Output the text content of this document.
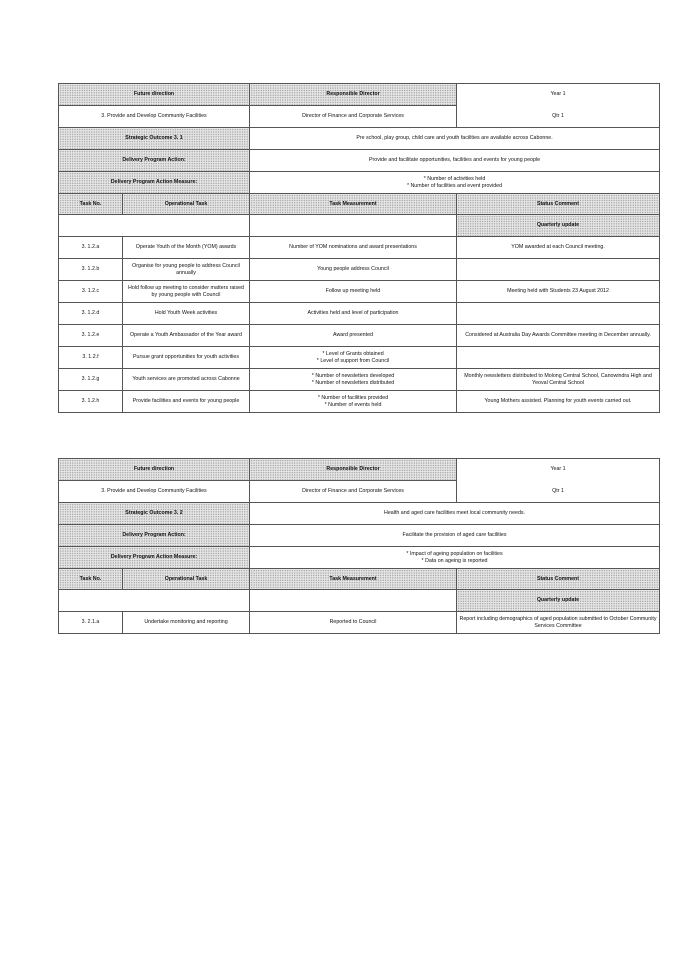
Future direction		Responsible Director	Year 1
3. Provide and Develop Community Facilities		Director of Finance and Corporate Services	Qtr 1
Strategic Outcome 3. 1		Pre school, play group, child care and youth facilities are available across Cabonne.	
Delivery Program Action:		Provide and facilitate opportunities, facilities and events for young people	
Delivery Program Action Measure:		* Number of activities held
* Number of facilities and event provided	
Task No.	Operational Task	Task Measurement	Status Comment
			Quarterly update
3. 1.2.a	Operate Youth of the Month (YOM) awards	Number of YOM nominations and award presentations	YOM awarded at each Council meeting.
3. 1.2.b	Organise for young people to address Council annually	Young people address Council	
3. 1.2.c	Hold follow up meeting to consider matters raised by young people with Council	Follow up meeting held	Meeting held with Students 23 August 2012
3. 1.2.d	Hold Youth Week activities	Activities held and level of participation	
3. 1.2.e	Operate a Youth Ambassador of the Year award	Award presented	Considered at Australia Day Awards Committee meeting in December annually.
3. 1.2.f	Pursue grant opportunities for youth activities	* Level of Grants obtained
* Level of support from Council	
3. 1.2.g	Youth services are promoted across Cabonne	* Number of newsletters developed
* Number of newsletters distributed	Monthly newsletters distributed to Molong Central School, Canowindra High and Yeoval Central School
3. 1.2.h	Provide facilities and events for young people	* Number of facilities provided
* Number of events held	Young Mothers assisted. Planning for youth events carried out.
Future direction		Responsible Director	Year 1
3. Provide and Develop Community Facilities		Director of Finance and Corporate Services	Qtr 1
Strategic Outcome 3. 2		Health and aged care facilities meet local community needs.	
Delivery Program Action:		Facilitate the provision of aged care facilities	
Delivery Program Action Measure:		* Impact of ageing population on facilities
* Data on ageing is reported	
Task No.	Operational Task	Task Measurement	Status Comment
			Quarterly update
3. 2.1.a	Undertake monitoring and reporting	Reported to Council	Report including demographics of aged population submitted to October Community Services Committee
